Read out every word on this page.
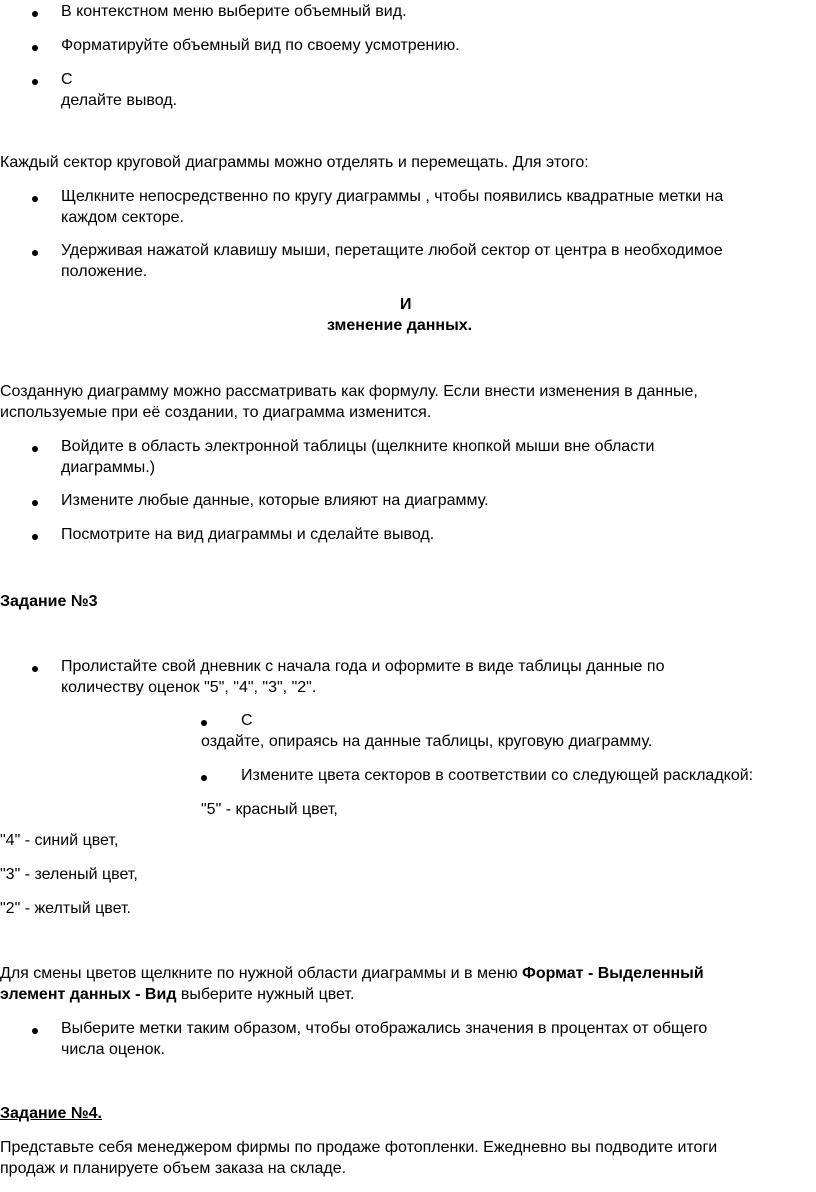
В контекстном меню выберите объемный вид.
Форматируйте объемный вид по своему усмотрению.
С
делайте вывод.
Каждый сектор круговой диаграммы можно отделять и перемещать. Для этого:
Щелкните непосредственно по кругу диаграммы , чтобы появились квадратные метки на
каждом секторе.
Удерживая нажатой клавишу мыши, перетащите любой сектор от центра в необходимое
положение.
И
зменение данных.
Созданную диаграмму можно рассматривать как формулу. Если внести изменения в данные,
используемые при её создании, то диаграмма изменится.
Войдите в область электронной таблицы (щелкните кнопкой мыши вне области
диаграммы.)
Измените любые данные, которые влияют на диаграмму.
Посмотрите на вид диаграммы и сделайте вывод.
Задание №3
Пролистайте свой дневник с начала года и оформите в виде таблицы данные по
количеству оценок "5", "4", "3", "2".
С
оздайте, опираясь на данные таблицы, круговую диаграмму.
Измените цвета секторов в соответствии со следующей раскладкой:
"5" - красный цвет,
"4" - синий цвет,
"3" - зеленый цвет,
"2" - желтый цвет.
Для смены цветов щелкните по нужной области диаграммы и в меню Формат - Выделенный
элемент данных - Вид выберите нужный цвет.
Выберите метки таким образом, чтобы отображались значения в процентах от общего
числа оценок.
Задание №4.
Представьте себя менеджером фирмы по продаже фотопленки. Ежедневно вы подводите итоги
продаж и планируете объем заказа на складе.
